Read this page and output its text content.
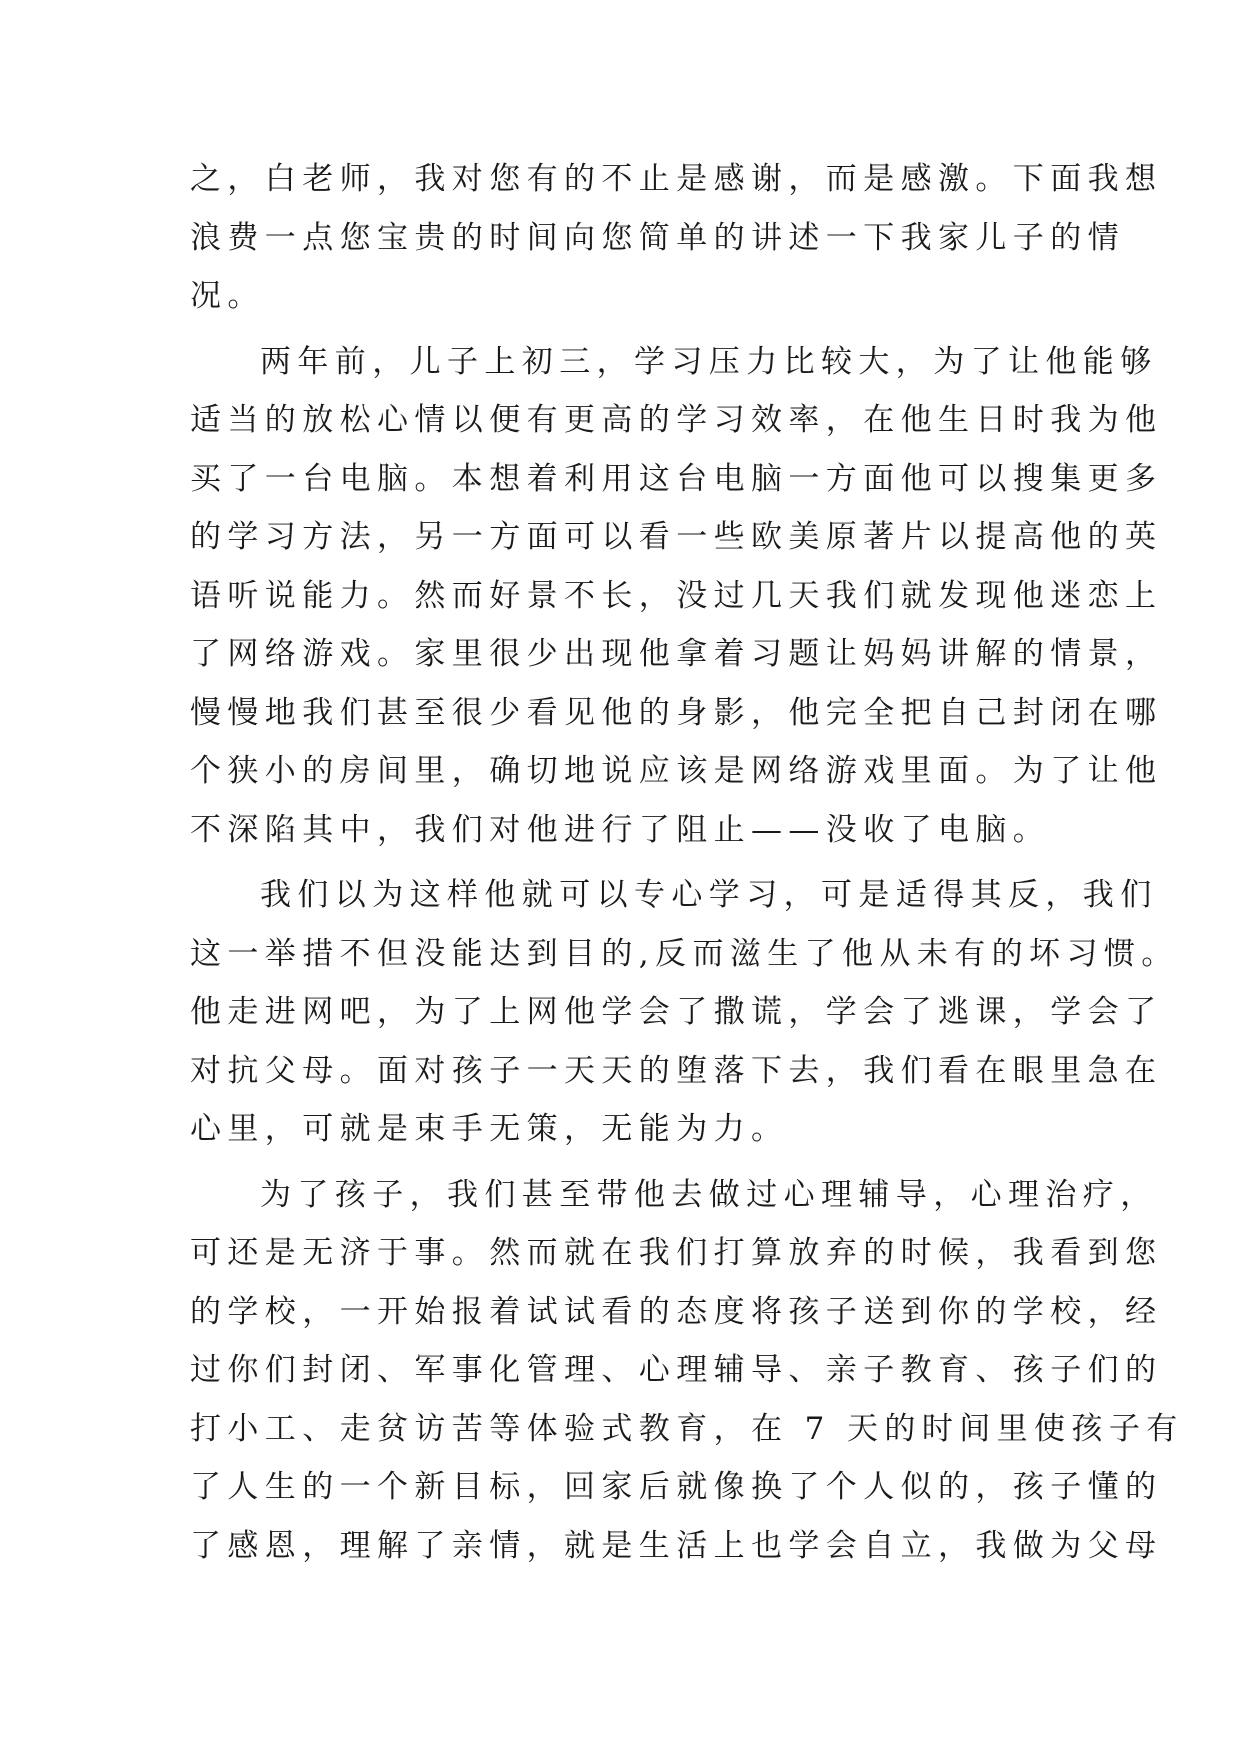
之，白老师，我对您有的不止是感谢，而是感激。下面我想
浪费一点您宝贵的时间向您简单的讲述一下我家儿子的情
况。
两年前，儿子上初三，学习压力比较大，为了让他能够
适当的放松心情以便有更高的学习效率，在他生日时我为他
买了一台电脑。本想着利用这台电脑一方面他可以搜集更多
的学习方法，另一方面可以看一些欧美原著片以提高他的英
语听说能力。然而好景不长，没过几天我们就发现他迷恋上
了网络游戏。家里很少出现他拿着习题让妈妈讲解的情景，
慢慢地我们甚至很少看见他的身影，他完全把自己封闭在哪
个狭小的房间里，确切地说应该是网络游戏里面。为了让他
不深陷其中，我们对他进行了阻止——没收了电脑。
我们以为这样他就可以专心学习，可是适得其反，我们
这一举措不但没能达到目的,反而滋生了他从未有的坏习惯。
他走进网吧，为了上网他学会了撒谎，学会了逃课，学会了
对抗父母。面对孩子一天天的堕落下去，我们看在眼里急在
心里，可就是束手无策，无能为力。
为了孩子，我们甚至带他去做过心理辅导，心理治疗，
可还是无济于事。然而就在我们打算放弃的时候，我看到您
的学校，一开始报着试试看的态度将孩子送到你的学校，经
过你们封闭、军事化管理、心理辅导、亲子教育、孩子们的
打小工、走贫访苦等体验式教育，在 7 天的时间里使孩子有
了人生的一个新目标，回家后就像换了个人似的，孩子懂的
了感恩，理解了亲情，就是生活上也学会自立，我做为父母
